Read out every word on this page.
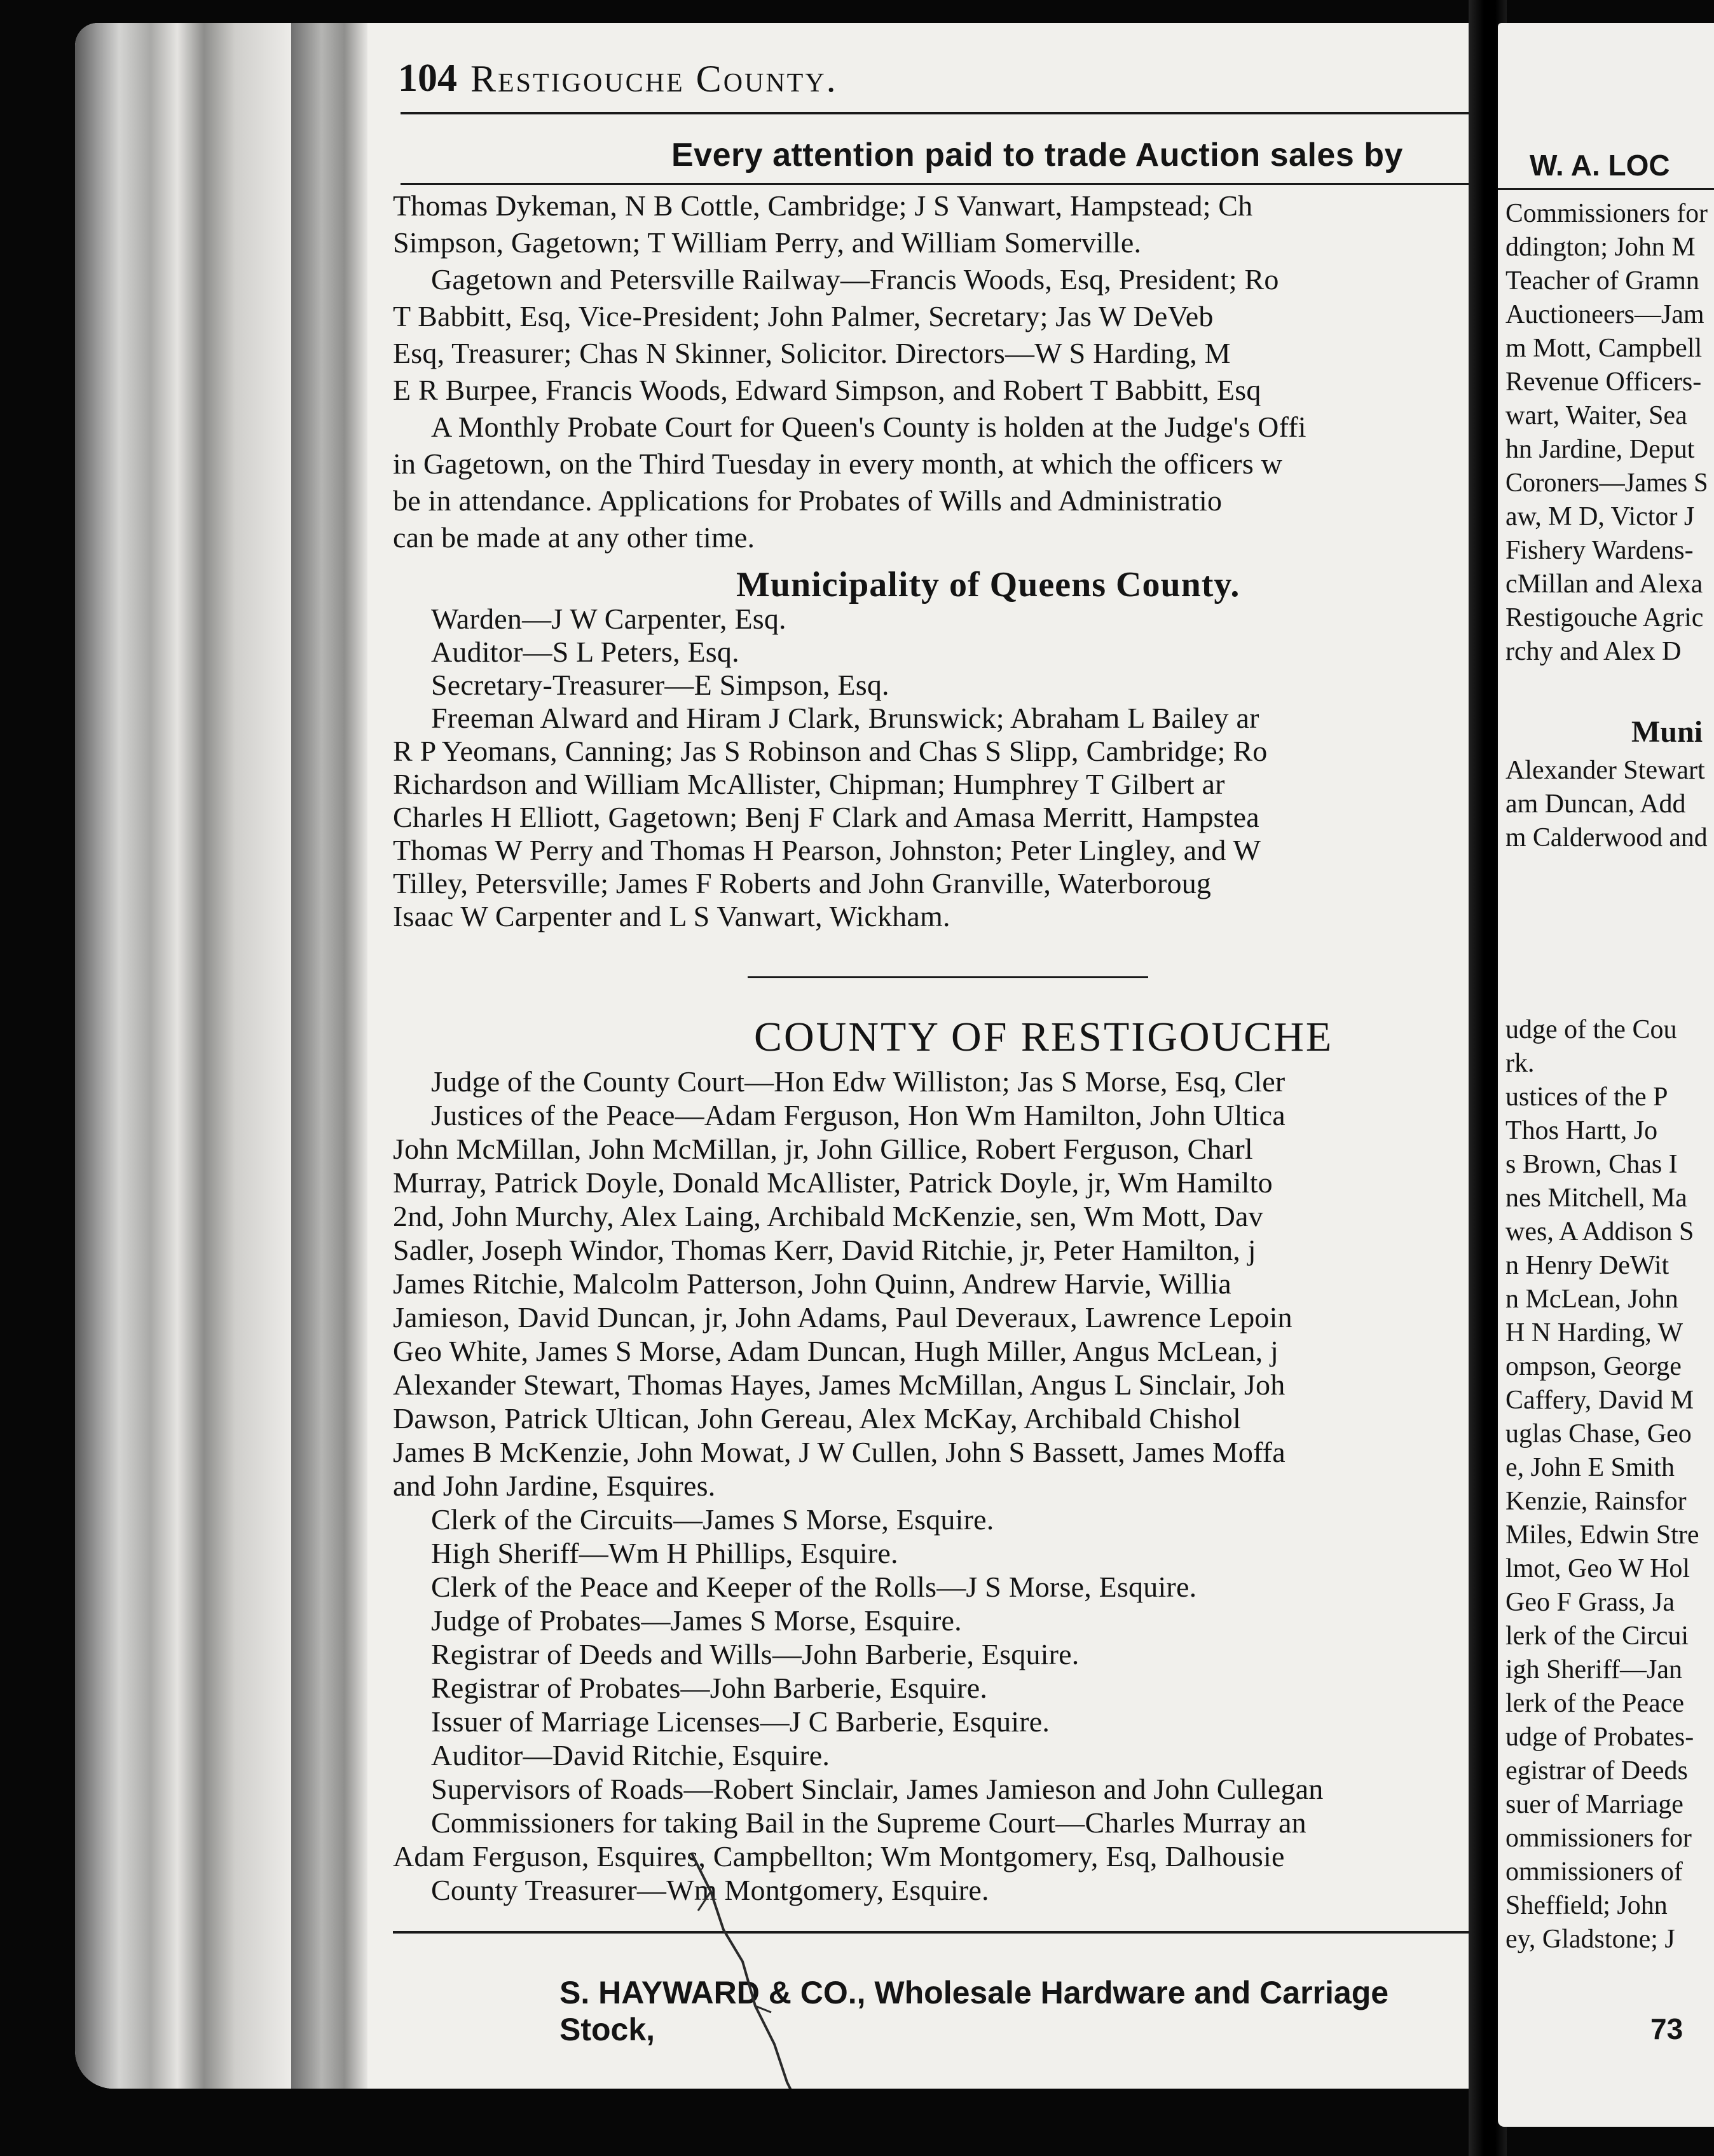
104 Restigouche County.
Every attention paid to trade Auction sales by
Thomas Dykeman, N B Cottle, Cambridge; J S Vanwart, Hampstead; Ch
Simpson, Gagetown; T William Perry, and William Somerville.
Gagetown and Petersville Railway—Francis Woods, Esq, President; Ro
T Babbitt, Esq, Vice-President; John Palmer, Secretary; Jas W DeVeb
Esq, Treasurer; Chas N Skinner, Solicitor. Directors—W S Harding, M
E R Burpee, Francis Woods, Edward Simpson, and Robert T Babbitt, Esq
A Monthly Probate Court for Queen's County is holden at the Judge's Offi
in Gagetown, on the Third Tuesday in every month, at which the officers w
be in attendance. Applications for Probates of Wills and Administratio
can be made at any other time.
Municipality of Queens County.
Warden—J W Carpenter, Esq.
Auditor—S L Peters, Esq.
Secretary-Treasurer—E Simpson, Esq.
Freeman Alward and Hiram J Clark, Brunswick; Abraham L Bailey ar
R P Yeomans, Canning; Jas S Robinson and Chas S Slipp, Cambridge; Ro
Richardson and William McAllister, Chipman; Humphrey T Gilbert ar
Charles H Elliott, Gagetown; Benj F Clark and Amasa Merritt, Hampstea
Thomas W Perry and Thomas H Pearson, Johnston; Peter Lingley, and W
Tilley, Petersville; James F Roberts and John Granville, Waterboroug
Isaac W Carpenter and L S Vanwart, Wickham.
COUNTY OF RESTIGOUCHE
Judge of the County Court—Hon Edw Williston; Jas S Morse, Esq, Cler
Justices of the Peace—Adam Ferguson, Hon Wm Hamilton, John Ultica
John McMillan, John McMillan, jr, John Gillice, Robert Ferguson, Charl
Murray, Patrick Doyle, Donald McAllister, Patrick Doyle, jr, Wm Hamilto
2nd, John Murchy, Alex Laing, Archibald McKenzie, sen, Wm Mott, Dav
Sadler, Joseph Windor, Thomas Kerr, David Ritchie, jr, Peter Hamilton, j
James Ritchie, Malcolm Patterson, John Quinn, Andrew Harvie, Willia
Jamieson, David Duncan, jr, John Adams, Paul Deveraux, Lawrence Lepoin
Geo White, James S Morse, Adam Duncan, Hugh Miller, Angus McLean, j
Alexander Stewart, Thomas Hayes, James McMillan, Angus L Sinclair, Joh
Dawson, Patrick Ultican, John Gereau, Alex McKay, Archibald Chishol
James B McKenzie, John Mowat, J W Cullen, John S Bassett, James Moffa
and John Jardine, Esquires.
Clerk of the Circuits—James S Morse, Esquire.
High Sheriff—Wm H Phillips, Esquire.
Clerk of the Peace and Keeper of the Rolls—J S Morse, Esquire.
Judge of Probates—James S Morse, Esquire.
Registrar of Deeds and Wills—John Barberie, Esquire.
Registrar of Probates—John Barberie, Esquire.
Issuer of Marriage Licenses—J C Barberie, Esquire.
Auditor—David Ritchie, Esquire.
Supervisors of Roads—Robert Sinclair, James Jamieson and John Cullegan
Commissioners for taking Bail in the Supreme Court—Charles Murray an
Adam Ferguson, Esquires, Campbellton; Wm Montgomery, Esq, Dalhousie
County Treasurer—Wm Montgomery, Esquire.
S. HAYWARD & CO., Wholesale Hardware and Carriage Stock,
W. A. LOC
Commissioners for
ddington; John M
Teacher of Gramn
Auctioneers—Jam
m Mott, Campbell
Revenue Officers-
wart, Waiter, Sea
hn Jardine, Deput
Coroners—James S
aw, M D, Victor J
Fishery Wardens-
cMillan and Alexa
Restigouche Agric
rchy and Alex D
Muni
Alexander Stewart
am Duncan, Add
m Calderwood and
udge of the Cou
rk.
ustices of the P
Thos Hartt, Jo
s Brown, Chas I
nes Mitchell, Ma
wes, A Addison S
n Henry DeWit
n McLean, John
H N Harding, W
ompson, George
Caffery, David M
uglas Chase, Geo
e, John E Smith
Kenzie, Rainsfor
Miles, Edwin Stre
lmot, Geo W Hol
Geo F Grass, Ja
lerk of the Circui
igh Sheriff—Jan
lerk of the Peace
udge of Probates-
egistrar of Deeds
suer of Marriage
ommissioners for
ommissioners of
Sheffield; John
ey, Gladstone; J
73
